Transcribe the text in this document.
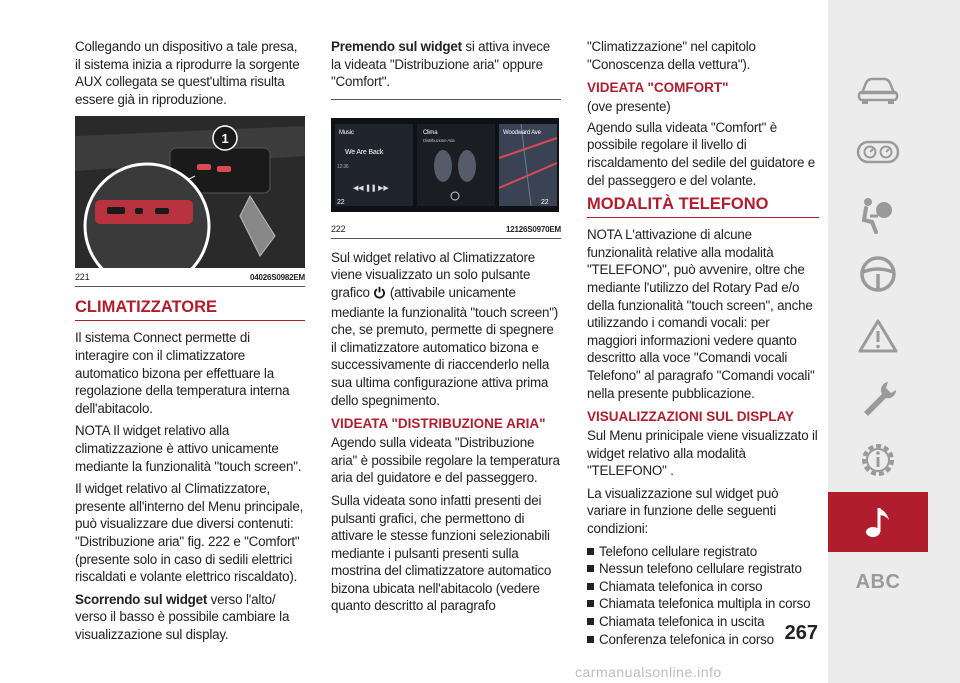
Collegando un dispositivo a tale presa, il sistema inizia a riprodurre la sorgente AUX collegata se quest'ultima risulta essere già in riproduzione.

1
221	04026S0982EM
CLIMATIZZATORE

Il sistema Connect permette di interagire con il climatizzatore automatico bizona per effettuare la regolazione della temperatura interna dell'abitacolo.

NOTA Il widget relativo alla climatizzazione è attivo unicamente mediante la funzionalità "touch screen".

Il widget relativo al Climatizzatore, presente all'interno del Menu principale, può visualizzare due diversi contenuti: "Distribuzione aria" fig. 222 e "Comfort" (presente solo in caso di sedili elettrici riscaldati e volante elettrico riscaldato).

Scorrendo sul widget verso l'alto/ verso il basso è possibile cambiare la visualizzazione sul display.

Premendo sul widget si attiva invece la videata "Distribuzione aria" oppure "Comfort".

Music
We Are Back
12:36
Clima
Distribuzione Aria
Woodward Ave
22	22
◀◀ ❚❚ ▶▶
222	12126S0970EM

Sul widget relativo al Climatizzatore viene visualizzato un solo pulsante grafico  (attivabile unicamente mediante la funzionalità "touch screen") che, se premuto, permette di spegnere il climatizzatore automatico bizona e successivamente di riaccenderlo nella sua ultima configurazione attiva prima dello spegnimento.

VIDEATA "DISTRIBUZIONE ARIA"

Agendo sulla videata "Distribuzione aria" è possibile regolare la temperatura aria del guidatore e del passeggero.

Sulla videata sono infatti presenti dei pulsanti grafici, che permettono di attivare le stesse funzioni selezionabili mediante i pulsanti presenti sulla mostrina del climatizzatore automatico bizona ubicata nell'abitacolo (vedere quanto descritto al paragrafo

"Climatizzazione" nel capitolo "Conoscenza della vettura").

VIDEATA "COMFORT"

(ove presente)

Agendo sulla videata "Comfort" è possibile regolare il livello di riscaldamento del sedile del guidatore e del passeggero e del volante.

MODALITÀ TELEFONO

NOTA L'attivazione di alcune funzionalità relative alla modalità "TELEFONO", può avvenire, oltre che mediante l'utilizzo del Rotary Pad e/o della funzionalità "touch screen", anche utilizzando i comandi vocali: per maggiori informazioni vedere quanto descritto alla voce "Comandi vocali Telefono" al paragrafo "Comandi vocali" nella presente pubblicazione.

VISUALIZZAZIONI SUL DISPLAY

Sul Menu prinicipale viene visualizzato il widget relativo alla modalità "TELEFONO" .

La visualizzazione sul widget può variare in funzione delle seguenti condizioni:

Telefono cellulare registrato
Nessun telefono cellulare registrato
Chiamata telefonica in corso
Chiamata telefonica multipla in corso
Chiamata telefonica in uscita
Conferenza telefonica in corso
ABC
267
carmanualsonline.info
